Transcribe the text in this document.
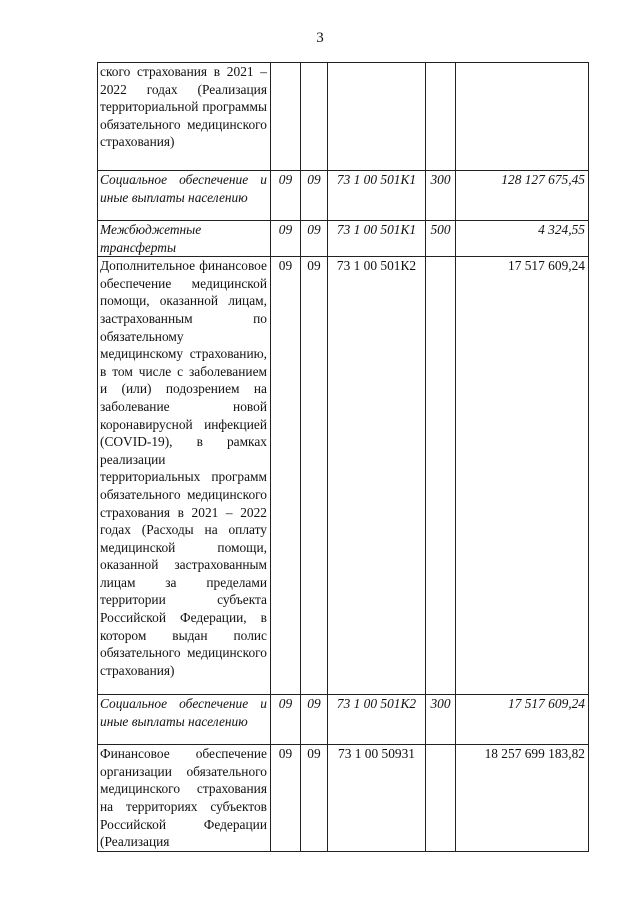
3
ского страхования в 2021 – 2022 годах (Реализация территориальной программы обязательного медицинского страхования)					
Социальное обеспечение и иные выплаты населению	09	09	73 1 00 501К1	300	128 127 675,45
Межбюджетные трансферты	09	09	73 1 00 501К1	500	4 324,55
Дополнительное финансовое обеспечение медицинской помощи, оказанной лицам, застрахованным по обязательному медицинскому страхованию, в том числе с заболеванием и (или) подозрением на заболевание новой коронавирусной инфекцией (COVID-19), в рамках реализации территориальных программ обязательного медицинского страхования в 2021 – 2022 годах (Расходы на оплату медицинской помощи, оказанной застрахованным лицам за пределами территории субъекта Российской Федерации, в котором выдан полис обязательного медицинского страхования)	09	09	73 1 00 501К2		17 517 609,24
Социальное обеспечение и иные выплаты населению	09	09	73 1 00 501К2	300	17 517 609,24
Финансовое обеспечение организации обязательного медицинского страхования на территориях субъектов Российской Федерации (Реализация	09	09	73 1 00 50931		18 257 699 183,82
